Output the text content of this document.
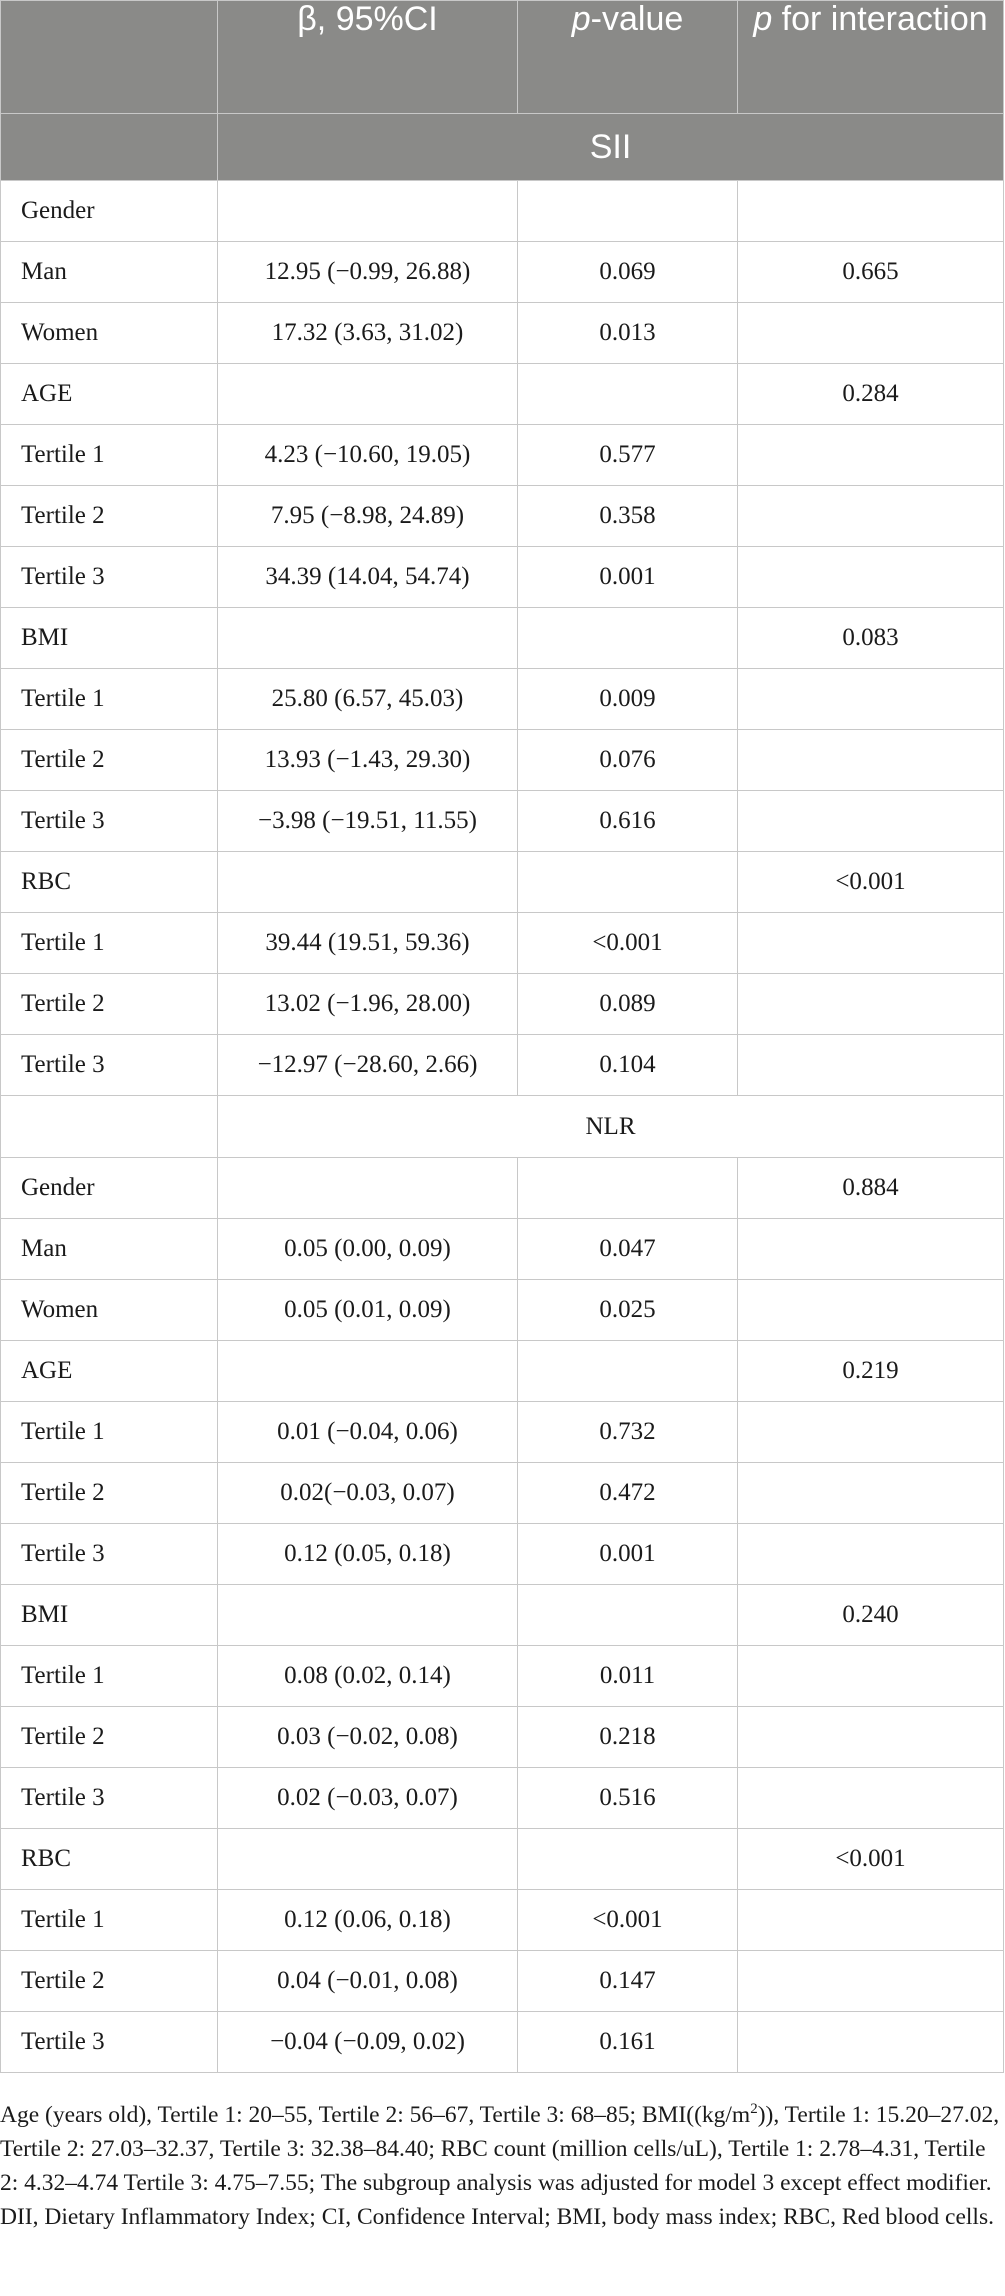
	β, 95%CI	p-value	p for interaction
	SII		
Gender			
Man	12.95 (−0.99, 26.88)	0.069	0.665
Women	17.32 (3.63, 31.02)	0.013	
AGE			0.284
Tertile 1	4.23 (−10.60, 19.05)	0.577	
Tertile 2	7.95 (−8.98, 24.89)	0.358	
Tertile 3	34.39 (14.04, 54.74)	0.001	
BMI			0.083
Tertile 1	25.80 (6.57, 45.03)	0.009	
Tertile 2	13.93 (−1.43, 29.30)	0.076	
Tertile 3	−3.98 (−19.51, 11.55)	0.616	
RBC			<0.001
Tertile 1	39.44 (19.51, 59.36)	<0.001	
Tertile 2	13.02 (−1.96, 28.00)	0.089	
Tertile 3	−12.97 (−28.60, 2.66)	0.104	
	NLR		
Gender			0.884
Man	0.05 (0.00, 0.09)	0.047	
Women	0.05 (0.01, 0.09)	0.025	
AGE			0.219
Tertile 1	0.01 (−0.04, 0.06)	0.732	
Tertile 2	0.02(−0.03, 0.07)	0.472	
Tertile 3	0.12 (0.05, 0.18)	0.001	
BMI			0.240
Tertile 1	0.08 (0.02, 0.14)	0.011	
Tertile 2	0.03 (−0.02, 0.08)	0.218	
Tertile 3	0.02 (−0.03, 0.07)	0.516	
RBC			<0.001
Tertile 1	0.12 (0.06, 0.18)	<0.001	
Tertile 2	0.04 (−0.01, 0.08)	0.147	
Tertile 3	−0.04 (−0.09, 0.02)	0.161	

Age (years old), Tertile 1: 20–55, Tertile 2: 56–67, Tertile 3: 68–85; $BMI((kg/m^2))$, Tertile 1: 15.20–27.02, Tertile 2: 27.03–32.37, Tertile 3: 32.38–84.40; RBC count (million cells/uL), Tertile 1: 2.78–4.31, Tertile 2: 4.32–4.74 Tertile 3: 4.75–7.55; The subgroup analysis was adjusted for model 3 except effect modifier. DII, Dietary Inflammatory Index; CI, Confidence Interval; BMI, body mass index; RBC, Red blood cells.
